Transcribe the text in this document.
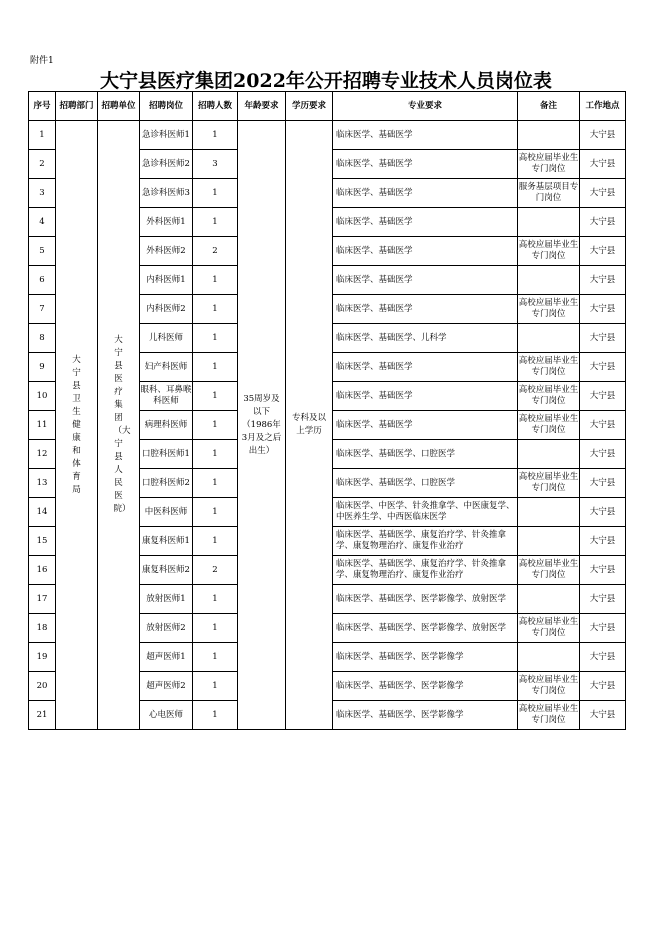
附件1
大宁县医疗集团2022年公开招聘专业技术人员岗位表
序号	招聘部门	招聘单位	招聘岗位	招聘人数	年龄要求	学历要求	专业要求	备注	工作地点
1	大宁县卫生健康和体育局	大宁县医疗集团（大宁县人民医院）	急诊科医师1	1	35周岁及以下（1986年3月及之后出生）	专科及以上学历	临床医学、基础医学		大宁县
2			急诊科医师2	3			临床医学、基础医学	高校应届毕业生专门岗位	大宁县
3			急诊科医师3	1			临床医学、基础医学	服务基层项目专门岗位	大宁县
4			外科医师1	1			临床医学、基础医学		大宁县
5			外科医师2	2			临床医学、基础医学	高校应届毕业生专门岗位	大宁县
6			内科医师1	1			临床医学、基础医学		大宁县
7			内科医师2	1			临床医学、基础医学	高校应届毕业生专门岗位	大宁县
8			儿科医师	1			临床医学、基础医学、儿科学		大宁县
9			妇产科医师	1			临床医学、基础医学	高校应届毕业生专门岗位	大宁县
10			眼科、耳鼻喉科医师	1			临床医学、基础医学	高校应届毕业生专门岗位	大宁县
11			病理科医师	1			临床医学、基础医学	高校应届毕业生专门岗位	大宁县
12			口腔科医师1	1			临床医学、基础医学、口腔医学		大宁县
13			口腔科医师2	1			临床医学、基础医学、口腔医学	高校应届毕业生专门岗位	大宁县
14			中医科医师	1			临床医学、中医学、针灸推拿学、中医康复学、中医养生学、中西医临床医学		大宁县
15			康复科医师1	1			临床医学、基础医学、康复治疗学、针灸推拿学、康复物理治疗、康复作业治疗		大宁县
16			康复科医师2	2			临床医学、基础医学、康复治疗学、针灸推拿学、康复物理治疗、康复作业治疗	高校应届毕业生专门岗位	大宁县
17			放射医师1	1			临床医学、基础医学、医学影像学、放射医学		大宁县
18			放射医师2	1			临床医学、基础医学、医学影像学、放射医学	高校应届毕业生专门岗位	大宁县
19			超声医师1	1			临床医学、基础医学、医学影像学		大宁县
20			超声医师2	1			临床医学、基础医学、医学影像学	高校应届毕业生专门岗位	大宁县
21			心电医师	1			临床医学、基础医学、医学影像学	高校应届毕业生专门岗位	大宁县
